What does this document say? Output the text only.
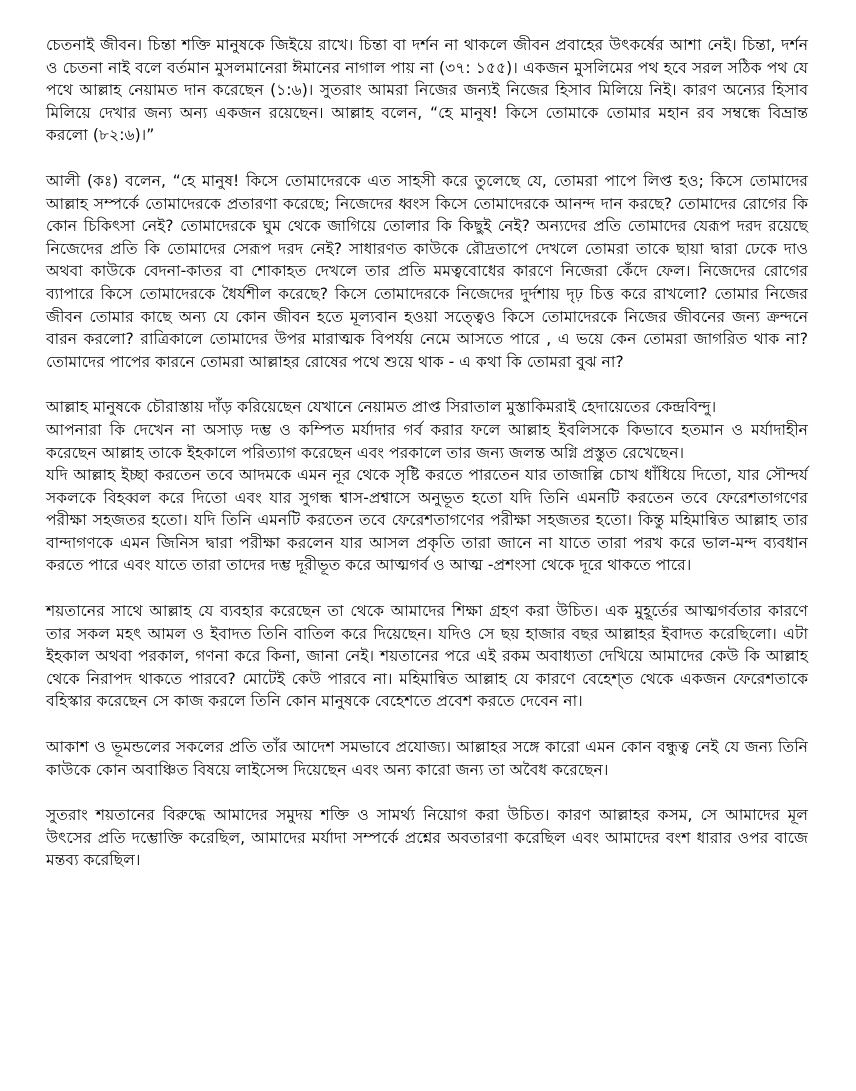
চেতনাই জীবন। চিন্তা শক্তি মানুষকে জিইয়ে রাখে। চিন্তা বা দর্শন না থাকলে জীবন প্রবাহের উৎকর্ষের আশা নেই। চিন্তা, দর্শন ও চেতনা নাই বলে বর্তমান মুসলমানেরা ঈমানের নাগাল পায় না (৩৭: ১৫৫)। একজন মুসলিমের পথ হবে সরল সঠিক পথ যে পথে আল্লাহ নেয়ামত দান করেছেন (১:৬)। সুতরাং আমরা নিজের জন্যই নিজের হিসাব মিলিয়ে নিই। কারণ অন্যের হিসাব মিলিয়ে দেখার জন্য অন্য একজন রয়েছেন। আল্লাহ বলেন, “হে মানুষ! কিসে তোমাকে তোমার মহান রব সম্বন্ধে বিভ্রান্ত করলো (৮২:৬)।”

আলী (কঃ) বলেন, “হে মানুষ! কিসে তোমাদেরকে এত সাহসী করে তুলেছে যে, তোমরা পাপে লিপ্ত হও; কিসে তোমাদের আল্লাহ সম্পর্কে তোমাদেরকে প্রতারণা করেছে; নিজেদের ধ্বংস কিসে তোমাদেরকে আনন্দ দান করছে? তোমাদের রোগের কি কোন চিকিৎসা নেই? তোমাদেরকে ঘুম থেকে জাগিয়ে তোলার কি কিছুই নেই? অন্যদের প্রতি তোমাদের যেরূপ দরদ রয়েছে নিজেদের প্রতি কি তোমাদের সেরূপ দরদ নেই? সাধারণত কাউকে রৌদ্রতাপে দেখলে তোমরা তাকে ছায়া দ্বারা ঢেকে দাও অথবা কাউকে বেদনা-কাতর বা শোকাহত দেখলে তার প্রতি মমত্ববোধের কারণে নিজেরা কেঁদে ফেল। নিজেদের রোগের ব্যাপারে কিসে তোমাদেরকে ধৈর্যশীল করেছে? কিসে তোমাদেরকে নিজেদের দুর্দশায় দৃঢ় চিত্ত করে রাখলো? তোমার নিজের জীবন তোমার কাছে অন্য যে কোন জীবন হতে মূল্যবান হওয়া সত্ত্বেও কিসে তোমাদেরকে নিজের জীবনের জন্য ক্রন্দনে বারন করলো? রাত্রিকালে তোমাদের উপর মারাত্মক বিপর্যয় নেমে আসতে পারে , এ ভয়ে কেন তোমরা জাগরিত থাক না? তোমাদের পাপের কারনে তোমরা আল্লাহর রোষের পথে শুয়ে থাক - এ কথা কি তোমরা বুঝ না?

আল্লাহ মানুষকে চৌরাস্তায় দাঁড় করিয়েছেন যেখানে নেয়ামত প্রাপ্ত সিরাতাল মুস্তাকিমরাই হেদায়েতের কেন্দ্রবিন্দু।

আপনারা কি দেখেন না অসাড় দম্ভ ও কম্পিত মর্যাদার গর্ব করার ফলে আল্লাহ ইবলিসকে কিভাবে হতমান ও মর্যাদাহীন করেছেন আল্লাহ তাকে ইহকালে পরিত্যাগ করেছেন এবং পরকালে তার জন্য জলন্ত অগ্নি প্রস্তুত রেখেছেন।

যদি আল্লাহ ইচ্ছা করতেন তবে আদমকে এমন নূর থেকে সৃষ্টি করতে পারতেন যার তাজাল্লি চোখ ধাঁধিয়ে দিতো, যার সৌন্দর্য সকলকে বিহব্বল করে দিতো এবং যার সুগন্ধ শ্বাস-প্রশ্বাসে অনুভূত হতো যদি তিনি এমনটি করতেন তবে ফেরেশতাগণের পরীক্ষা সহজতর হতো। যদি তিনি এমনটি করতেন তবে ফেরেশতাগণের পরীক্ষা সহজতর হতো। কিন্তু মহিমান্বিত আল্লাহ তার বান্দাগণকে এমন জিনিস দ্বারা পরীক্ষা করলেন যার আসল প্রকৃতি তারা জানে না যাতে তারা পরখ করে ভাল-মন্দ ব্যবধান করতে পারে এবং যাতে তারা তাদের দম্ভ দূরীভূত করে আত্মগর্ব ও আত্ম -প্রশংসা থেকে দূরে থাকতে পারে।

শয়তানের সাথে আল্লাহ যে ব্যবহার করেছেন তা থেকে আমাদের শিক্ষা গ্রহণ করা উচিত। এক মুহূর্তের আত্মগর্বতার কারণে তার সকল মহৎ আমল ও ইবাদত তিনি বাতিল করে দিয়েছেন। যদিও সে ছয় হাজার বছর আল্লাহর ইবাদত করেছিলো। এটা ইহকাল অথবা পরকাল, গণনা করে কিনা, জানা নেই। শয়তানের পরে এই রকম অবাধ্যতা দেখিয়ে আমাদের কেউ কি আল্লাহ থেকে নিরাপদ থাকতে পারবে? মোটেই কেউ পারবে না। মহিমান্বিত আল্লাহ যে কারণে বেহেশ্‌ত থেকে একজন ফেরেশতাকে বহিস্কার করেছেন সে কাজ করলে তিনি কোন মানুষকে বেহেশতে প্রবেশ করতে দেবেন না।

আকাশ ও ভূমন্ডলের সকলের প্রতি তাঁর আদেশ সমভাবে প্রযোজ্য। আল্লাহর সঙ্গে কারো এমন কোন বন্ধুত্ব নেই যে জন্য তিনি কাউকে কোন অবাঞ্চিত বিষয়ে লাইসেন্স দিয়েছেন এবং অন্য কারো জন্য তা অবৈধ করেছেন।

সুতরাং শয়তানের বিরুদ্ধে আমাদের সমুদয় শক্তি ও সামর্থ্য নিয়োগ করা উচিত। কারণ আল্লাহর কসম, সে আমাদের মূল উৎসের প্রতি দম্ভোক্তি করেছিল, আমাদের মর্যাদা সম্পর্কে প্রশ্নের অবতারণা করেছিল এবং আমাদের বংশ ধারার ওপর বাজে মন্তব্য করেছিল।
